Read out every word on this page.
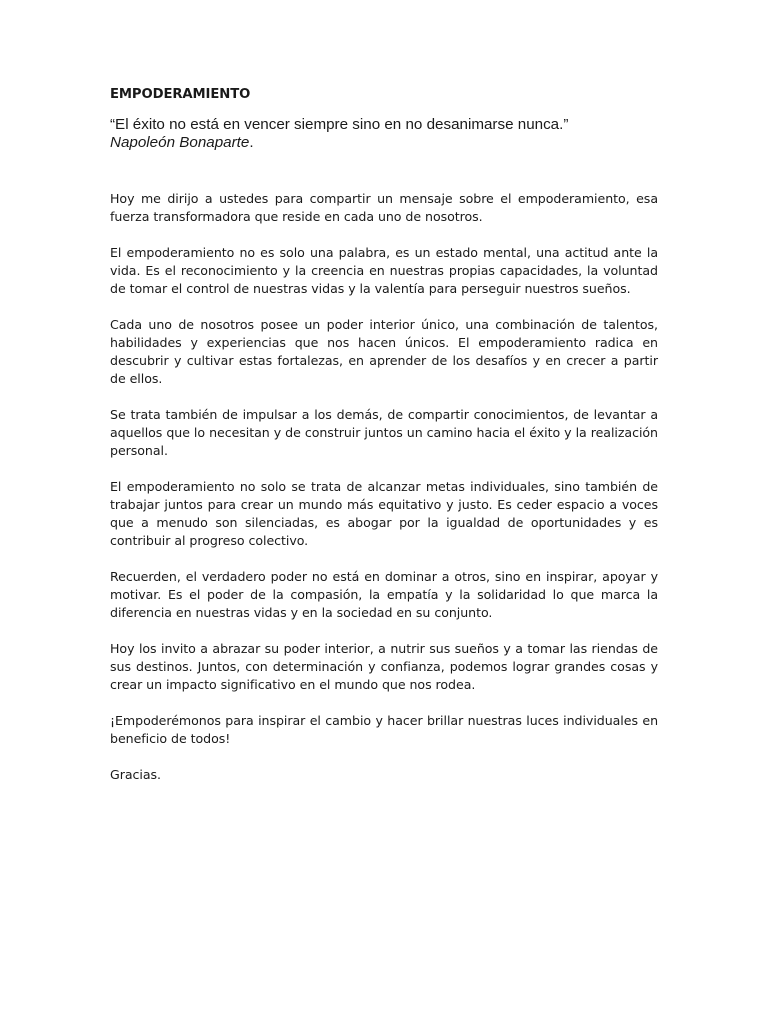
EMPODERAMIENTO
“El éxito no está en vencer siempre sino en no desanimarse nunca.”
Napoleón Bonaparte.

Hoy me dirijo a ustedes para compartir un mensaje sobre el empoderamiento, esa fuerza transformadora que reside en cada uno de nosotros.

El empoderamiento no es solo una palabra, es un estado mental, una actitud ante la vida. Es el reconocimiento y la creencia en nuestras propias capacidades, la voluntad de tomar el control de nuestras vidas y la valentía para perseguir nuestros sueños.

Cada uno de nosotros posee un poder interior único, una combinación de talentos, habilidades y experiencias que nos hacen únicos. El empoderamiento radica en descubrir y cultivar estas fortalezas, en aprender de los desafíos y en crecer a partir de ellos.

Se trata también de impulsar a los demás, de compartir conocimientos, de levantar a aquellos que lo necesitan y de construir juntos un camino hacia el éxito y la realización personal.

El empoderamiento no solo se trata de alcanzar metas individuales, sino también de trabajar juntos para crear un mundo más equitativo y justo. Es ceder espacio a voces que a menudo son silenciadas, es abogar por la igualdad de oportunidades y es contribuir al progreso colectivo.

Recuerden, el verdadero poder no está en dominar a otros, sino en inspirar, apoyar y motivar. Es el poder de la compasión, la empatía y la solidaridad lo que marca la diferencia en nuestras vidas y en la sociedad en su conjunto.

Hoy los invito a abrazar su poder interior, a nutrir sus sueños y a tomar las riendas de sus destinos. Juntos, con determinación y confianza, podemos lograr grandes cosas y crear un impacto significativo en el mundo que nos rodea.

¡Empoderémonos para inspirar el cambio y hacer brillar nuestras luces individuales en beneficio de todos!

Gracias.
